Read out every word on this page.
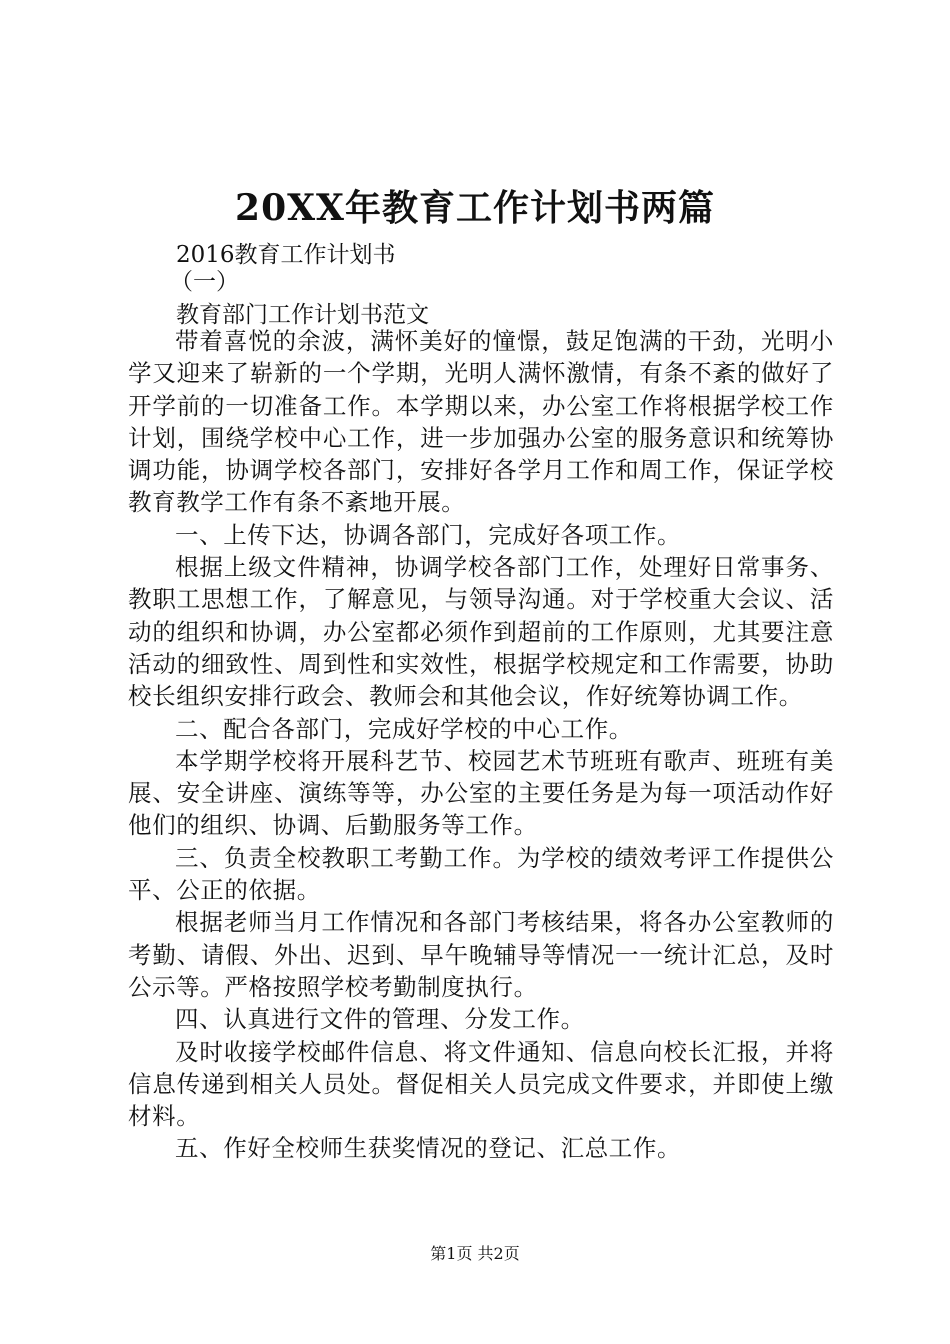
20XX年教育工作计划书两篇
2016教育工作计划书
（一）
教育部门工作计划书范文

带着喜悦的余波，满怀美好的憧憬，鼓足饱满的干劲，光明小学又迎来了崭新的一个学期，光明人满怀激情，有条不紊的做好了开学前的一切准备工作。本学期以来，办公室工作将根据学校工作计划，围绕学校中心工作，进一步加强办公室的服务意识和统筹协调功能，协调学校各部门，安排好各学月工作和周工作，保证学校教育教学工作有条不紊地开展。

一、上传下达，协调各部门，完成好各项工作。

根据上级文件精神，协调学校各部门工作，处理好日常事务、教职工思想工作，了解意见，与领导沟通。对于学校重大会议、活动的组织和协调，办公室都必须作到超前的工作原则，尤其要注意活动的细致性、周到性和实效性，根据学校规定和工作需要，协助校长组织安排行政会、教师会和其他会议，作好统筹协调工作。

二、配合各部门，完成好学校的中心工作。

本学期学校将开展科艺节、校园艺术节班班有歌声、班班有美展、安全讲座、演练等等，办公室的主要任务是为每一项活动作好他们的组织、协调、后勤服务等工作。

三、负责全校教职工考勤工作。为学校的绩效考评工作提供公平、公正的依据。

根据老师当月工作情况和各部门考核结果，将各办公室教师的考勤、请假、外出、迟到、早午晚辅导等情况一一统计汇总，及时公示等。严格按照学校考勤制度执行。

四、认真进行文件的管理、分发工作。

及时收接学校邮件信息、将文件通知、信息向校长汇报，并将信息传递到相关人员处。督促相关人员完成文件要求，并即使上缴材料。

五、作好全校师生获奖情况的登记、汇总工作。

第1页 共2页
